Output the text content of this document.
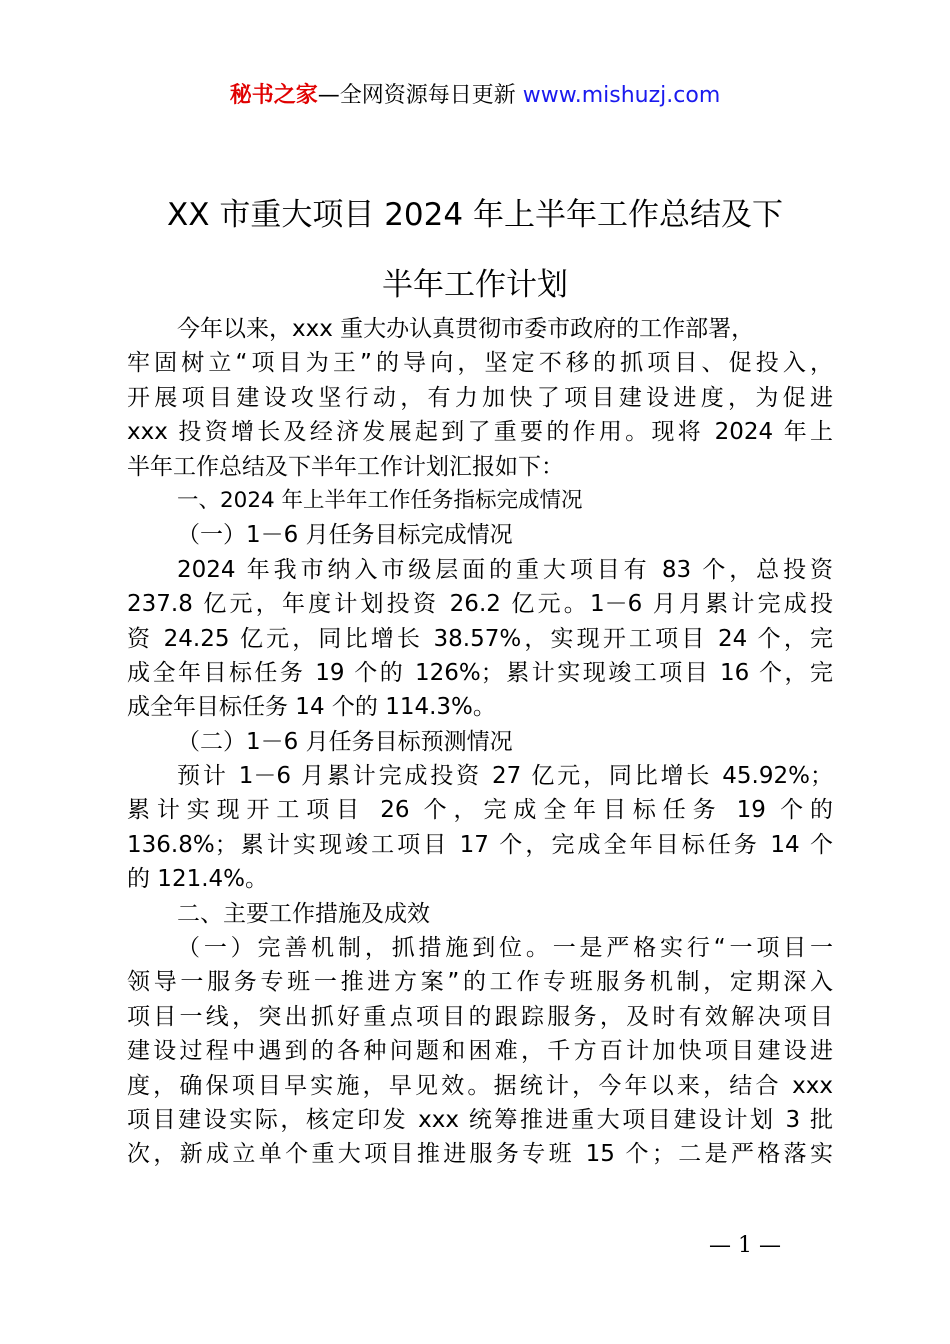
秘书之家—全网资源每日更新 www.mishuzj.com
XX 市重大项目 2024 年上半年工作总结及下
半年工作计划
今年以来，xxx 重大办认真贯彻市委市政府的工作部署，
牢固树立“项目为王”的导向，坚定不移的抓项目、促投入，
开展项目建设攻坚行动，有力加快了项目建设进度，为促进
xxx 投资增长及经济发展起到了重要的作用。现将 2024 年上
半年工作总结及下半年工作计划汇报如下：
一、2024 年上半年工作任务指标完成情况
（一）1－6 月任务目标完成情况
2024 年我市纳入市级层面的重大项目有 83 个，总投资
237.8 亿元，年度计划投资 26.2 亿元。1－6 月月累计完成投
资 24.25 亿元，同比增长 38.57%，实现开工项目 24 个，完
成全年目标任务 19 个的 126%；累计实现竣工项目 16 个，完
成全年目标任务 14 个的 114.3%。
（二）1－6 月任务目标预测情况
预计 1－6 月累计完成投资 27 亿元，同比增长 45.92%；
累计实现开工项目 26 个，完成全年目标任务 19 个的
136.8%；累计实现竣工项目 17 个，完成全年目标任务 14 个
的 121.4%。
二、主要工作措施及成效
（一）完善机制，抓措施到位。一是严格实行“一项目一
领导一服务专班一推进方案”的工作专班服务机制，定期深入
项目一线，突出抓好重点项目的跟踪服务，及时有效解决项目
建设过程中遇到的各种问题和困难，千方百计加快项目建设进
度，确保项目早实施，早见效。据统计，今年以来，结合 xxx
项目建设实际，核定印发 xxx 统筹推进重大项目建设计划 3 批
次，新成立单个重大项目推进服务专班 15 个；二是严格落实
— 1 —
